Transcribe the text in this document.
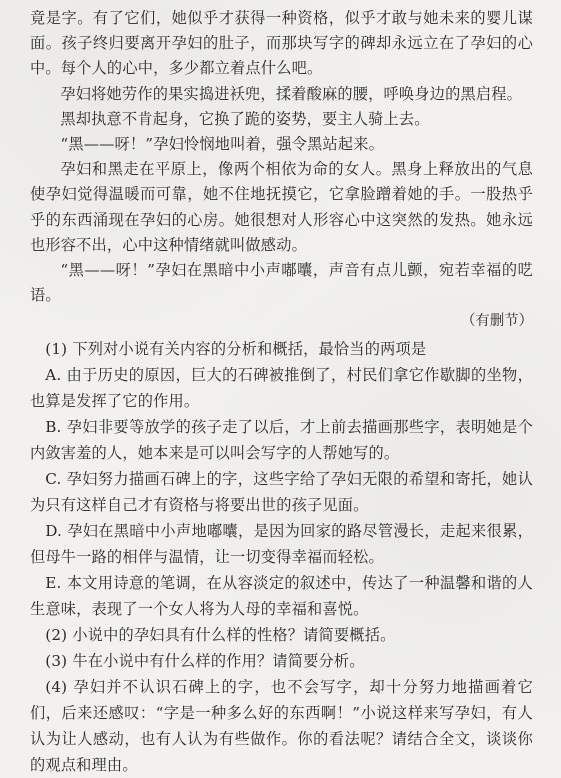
竟是字。有了它们，她似乎才获得一种资格，似乎才敢与她未来的婴儿谋面。孩子终归要离开孕妇的肚子，而那块写字的碑却永远立在了孕妇的心中。每个人的心中，多少都立着点什么吧。

孕妇将她劳作的果实捣进袄兜，揉着酸麻的腰，呼唤身边的黑启程。

黑却执意不肯起身，它换了跪的姿势，要主人骑上去。

“黑——呀！”孕妇怜悯地叫着，强令黑站起来。

孕妇和黑走在平原上，像两个相依为命的女人。黑身上释放出的气息使孕妇觉得温暖而可靠，她不住地抚摸它，它拿脸蹭着她的手。一股热乎乎的东西涌现在孕妇的心房。她很想对人形容心中这突然的发热。她永远也形容不出，心中这种情绪就叫做感动。

“黑——呀！”孕妇在黑暗中小声嘟囔，声音有点儿颤，宛若幸福的呓语。

（有删节）

(1) 下列对小说有关内容的分析和概括，最恰当的两项是

A. 由于历史的原因，巨大的石碑被推倒了，村民们拿它作歇脚的坐物，也算是发挥了它的作用。

B. 孕妇非要等放学的孩子走了以后，才上前去描画那些字，表明她是个内敛害羞的人，她本来是可以叫会写字的人帮她写的。

C. 孕妇努力描画石碑上的字，这些字给了孕妇无限的希望和寄托，她认为只有这样自己才有资格与将要出世的孩子见面。

D. 孕妇在黑暗中小声地嘟囔，是因为回家的路尽管漫长，走起来很累，但母牛一路的相伴与温情，让一切变得幸福而轻松。

E. 本文用诗意的笔调，在从容淡定的叙述中，传达了一种温馨和谐的人生意味，表现了一个女人将为人母的幸福和喜悦。

(2) 小说中的孕妇具有什么样的性格？请简要概括。

(3) 牛在小说中有什么样的作用？请简要分析。

(4) 孕妇并不认识石碑上的字，也不会写字，却十分努力地描画着它们，后来还感叹：“字是一种多么好的东西啊！”小说这样来写孕妇，有人认为让人感动，也有人认为有些做作。你的看法呢？请结合全文，谈谈你的观点和理由。
